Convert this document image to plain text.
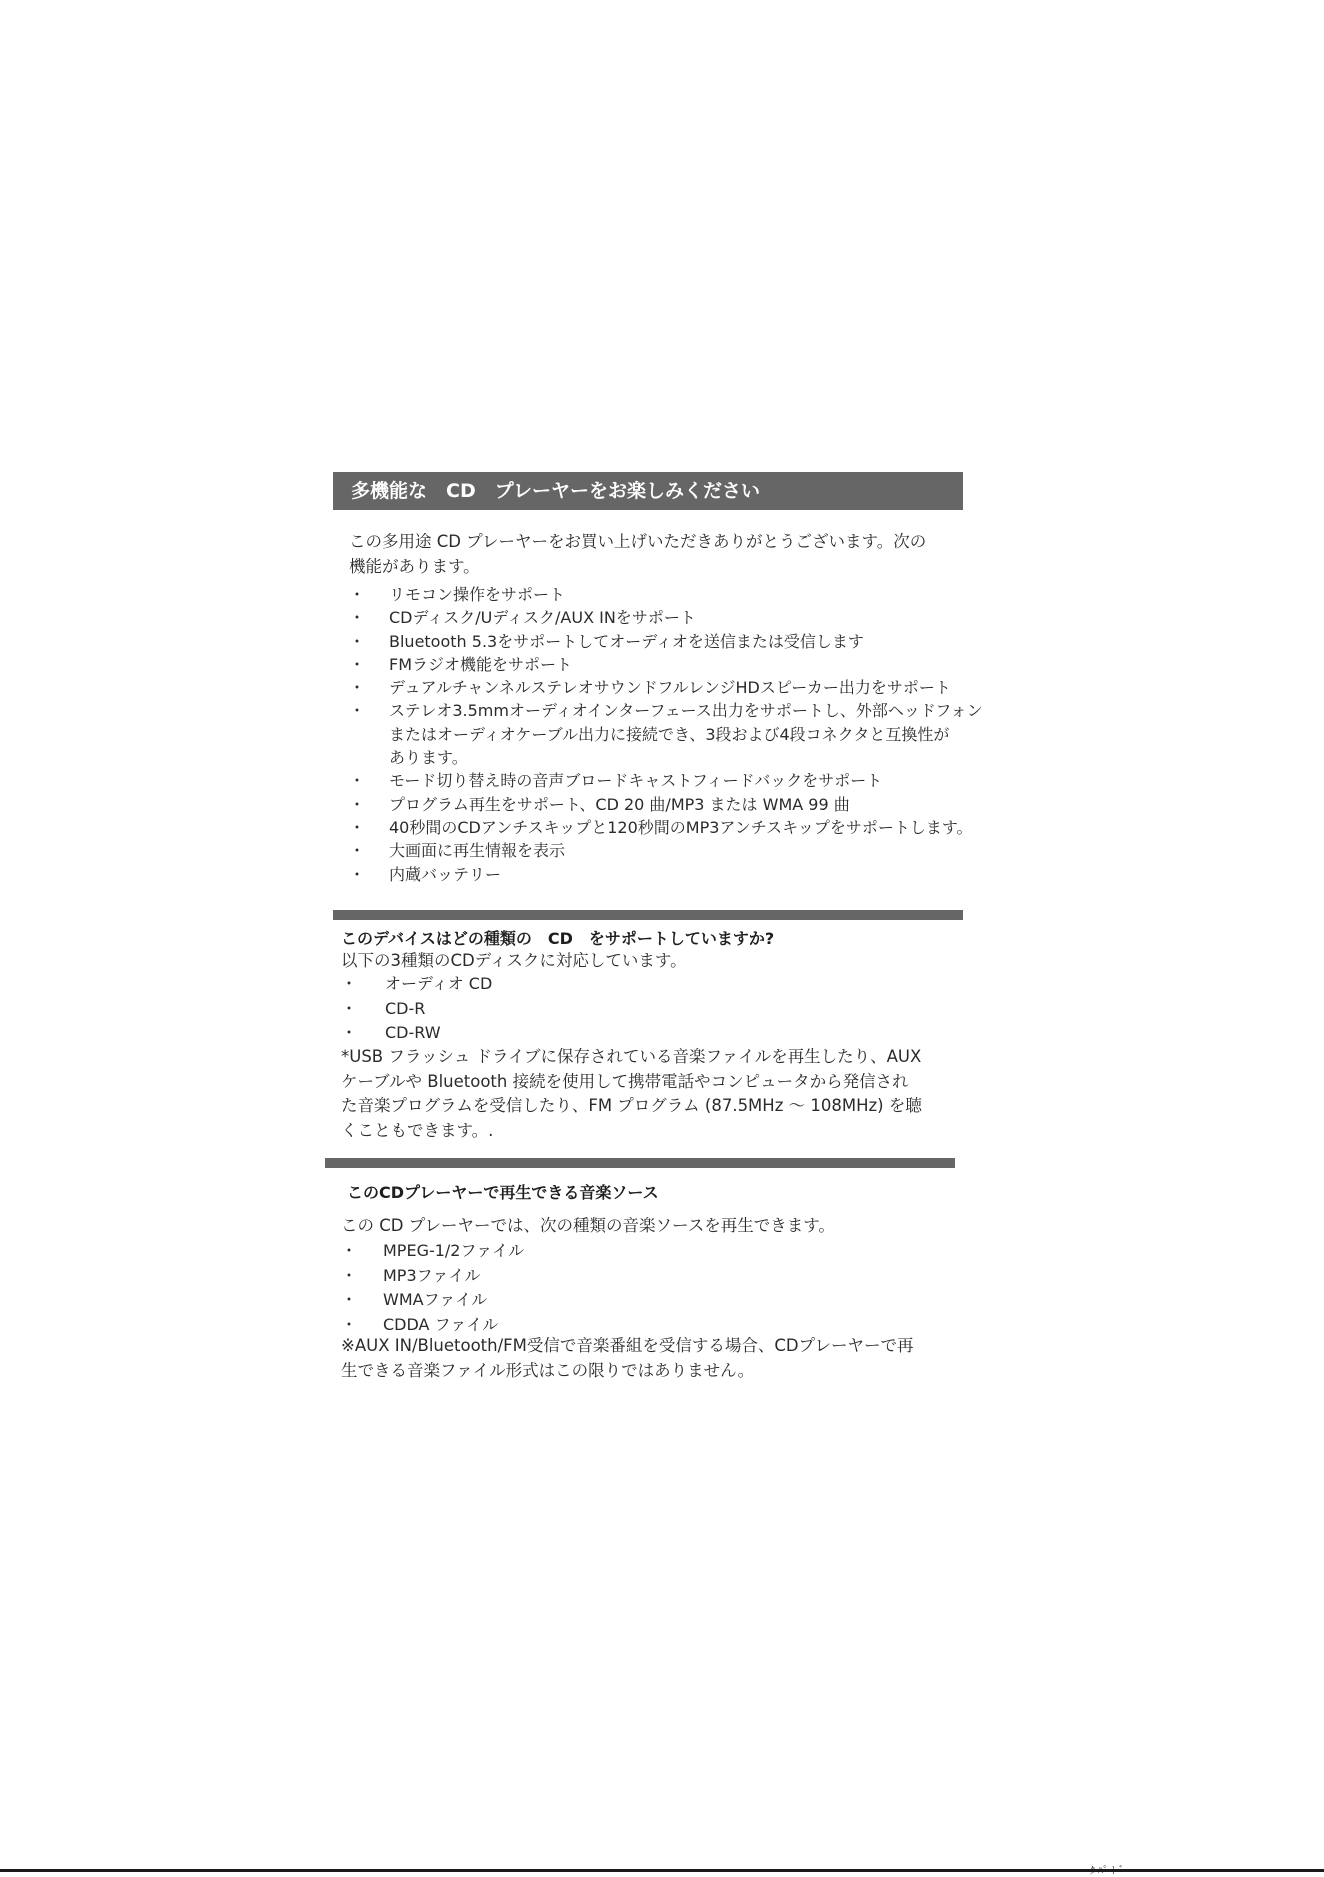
多機能な　CD　プレーヤーをお楽しみください
この多用途 CD プレーヤーをお買い上げいただきありがとうございます。次の
機能があります。
・ リモコン操作をサポート
・ CDディスク/Uディスク/AUX INをサポート
・ Bluetooth 5.3をサポートしてオーディオを送信または受信します
・ FMラジオ機能をサポート
・ デュアルチャンネルステレオサウンドフルレンジHDスピーカー出力をサポート
・ ステレオ3.5mmオーディオインターフェース出力をサポートし、外部ヘッドフォン
またはオーディオケーブル出力に接続でき、3段および4段コネクタと互換性が
あります。
・ モード切り替え時の音声ブロードキャストフィードバックをサポート
・ プログラム再生をサポート、CD 20 曲/MP3 または WMA 99 曲
・ 40秒間のCDアンチスキップと120秒間のMP3アンチスキップをサポートします。
・ 大画面に再生情報を表示
・ 内蔵バッテリー
このデバイスはどの種類の　CD　をサポートしていますか?
以下の3種類のCDディスクに対応しています。
・ オーディオ CD
・ CD-R
・ CD-RW
*USB フラッシュ ドライブに保存されている音楽ファイルを再生したり、AUX
ケーブルや Bluetooth 接続を使用して携帯電話やコンピュータから発信され
た音楽プログラムを受信したり、FM プログラム (87.5MHz ～ 108MHz) を聴
くこともできます。.
このCDプレーヤーで再生できる音楽ソース
この CD プレーヤーでは、次の種類の音楽ソースを再生できます。
・ MPEG-1/2ファイル
・ MP3ファイル
・ WMAファイル
・ CDDA ファイル
※AUX IN/Bluetooth/FM受信で音楽番組を受信する場合、CDプレーヤーで再
生できる音楽ファイル形式はこの限りではありません。
